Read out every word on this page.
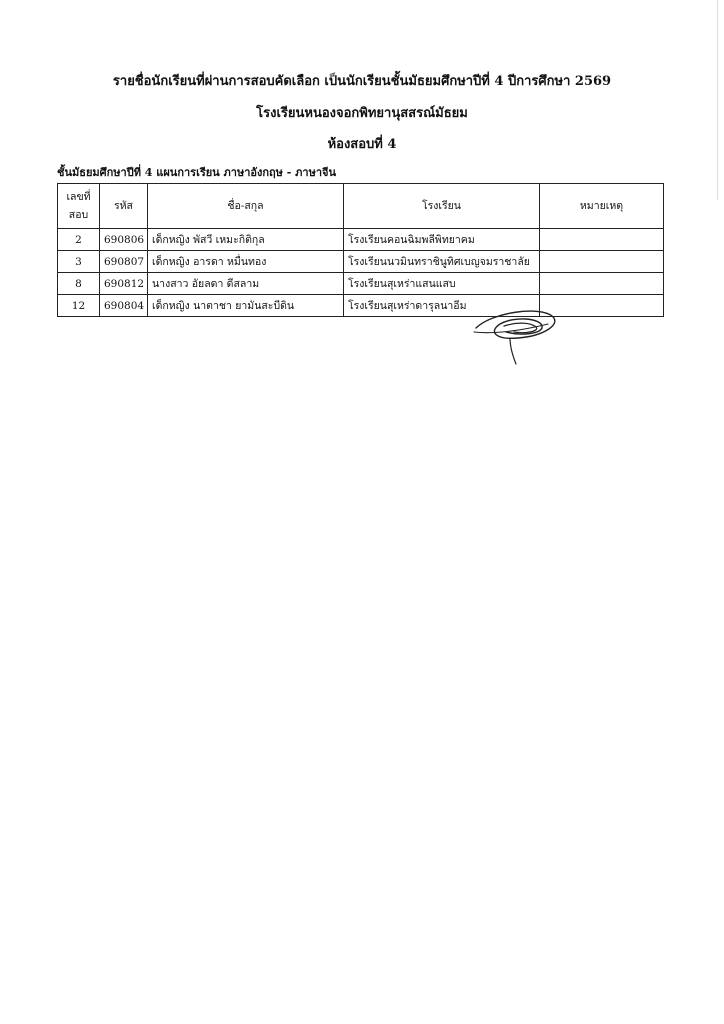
รายชื่อนักเรียนที่ผ่านการสอบคัดเลือก เป็นนักเรียนชั้นมัธยมศึกษาปีที่ 4 ปีการศึกษา 2569
โรงเรียนหนองจอกพิทยานุสสรณ์มัธยม
ห้องสอบที่ 4
ชั้นมัธยมศึกษาปีที่ 4 แผนการเรียน ภาษาอังกฤษ - ภาษาจีน
เลขที่
สอบ	รหัส	ชื่อ-สกุล	โรงเรียน	หมายเหตุ
2	690806	เด็กหญิง พัสวี เหมะกิติกุล	โรงเรียนคอนฉิมพลีพิทยาคม	
3	690807	เด็กหญิง อารดา หมื่นทอง	โรงเรียนนวมินทราชินูทิศเบญจมราชาลัย	
8	690812	นางสาว อัยลดา ดีสลาม	โรงเรียนสุเหร่าแสนแสบ	
12	690804	เด็กหญิง นาตาชา ยามันสะบีดิน	โรงเรียนสุเหร่าดารุลนาอีม	
